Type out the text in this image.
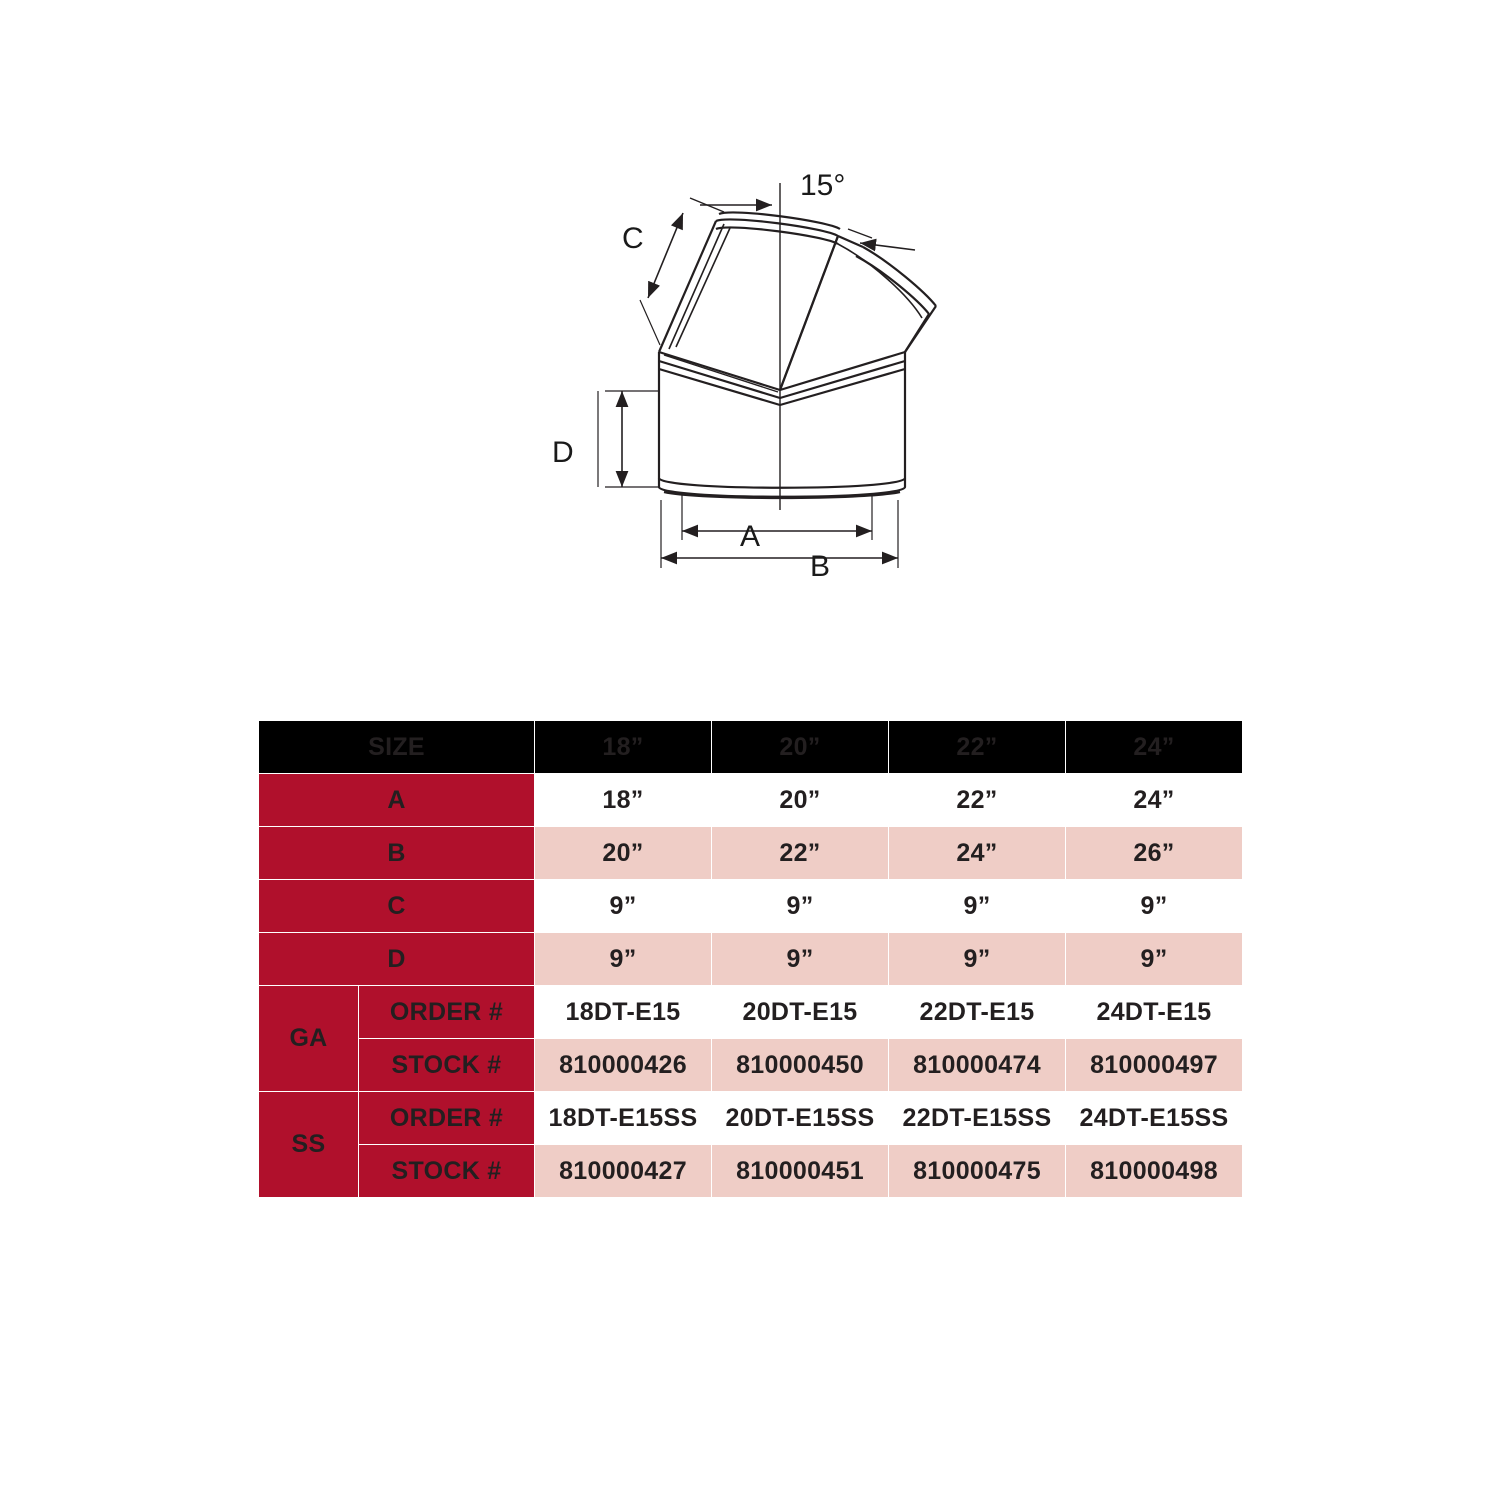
15°
C
D
A
B
SIZE		18”	20”	22”	24”
A		18”	20”	22”	24”
B		20”	22”	24”	26”
C		9”	9”	9”	9”
D		9”	9”	9”	9”
GA	ORDER #	18DT-E15	20DT-E15	22DT-E15	24DT-E15
	STOCK #	810000426	810000450	810000474	810000497
SS	ORDER #	18DT-E15SS	20DT-E15SS	22DT-E15SS	24DT-E15SS
	STOCK #	810000427	810000451	810000475	810000498
